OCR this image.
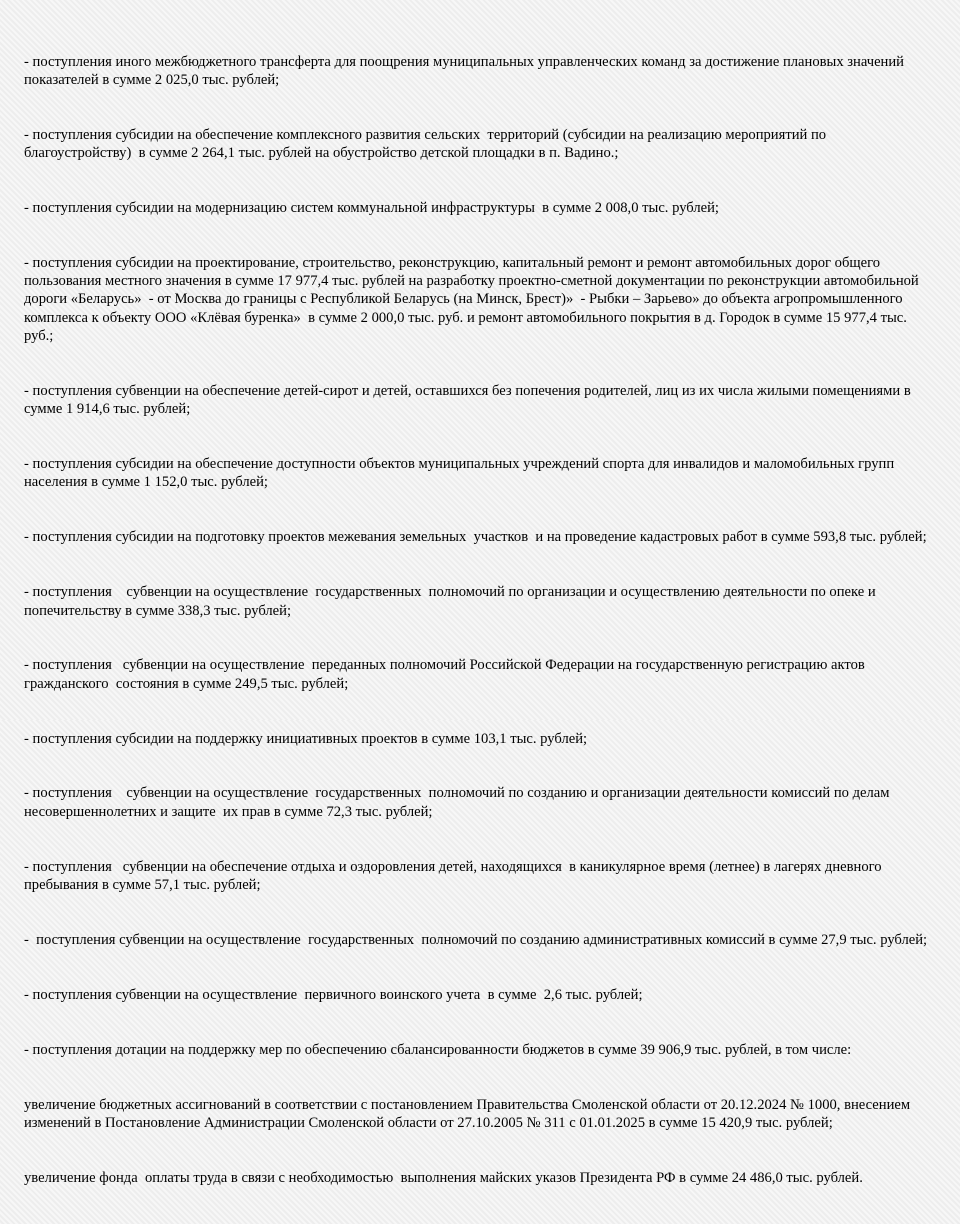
- поступления иного межбюджетного трансферта для поощрения муниципальных управленческих команд за достижение плановых значений показателей в сумме 2 025,0 тыс. рублей;

- поступления субсидии на обеспечение комплексного развития сельских  территорий (субсидии на реализацию мероприятий по благоустройству)  в сумме 2 264,1 тыс. рублей на обустройство детской площадки в п. Вадино.;

- поступления субсидии на модернизацию систем коммунальной инфраструктуры  в сумме 2 008,0 тыс. рублей;

- поступления субсидии на проектирование, строительство, реконструкцию, капитальный ремонт и ремонт автомобильных дорог общего пользования местного значения в сумме 17 977,4 тыс. рублей на разработку проектно-сметной документации по реконструкции автомобильной дороги «Беларусь»  - от Москва до границы с Республикой Беларусь (на Минск, Брест)»  - Рыбки – Зарьево» до объекта агропромышленного комплекса к объекту ООО «Клёвая буренка»  в сумме 2 000,0 тыс. руб. и ремонт автомобильного покрытия в д. Городок в сумме 15 977,4 тыс. руб.;

- поступления субвенции на обеспечение детей-сирот и детей, оставшихся без попечения родителей, лиц из их числа жилыми помещениями в сумме 1 914,6 тыс. рублей;

- поступления субсидии на обеспечение доступности объектов муниципальных учреждений спорта для инвалидов и маломобильных групп населения в сумме 1 152,0 тыс. рублей;

- поступления субсидии на подготовку проектов межевания земельных  участков  и на проведение кадастровых работ в сумме 593,8 тыс. рублей;

- поступления    субвенции на осуществление  государственных  полномочий по организации и осуществлению деятельности по опеке и попечительству в сумме 338,3 тыс. рублей;

- поступления   субвенции на осуществление  переданных полномочий Российской Федерации на государственную регистрацию актов гражданского  состояния в сумме 249,5 тыс. рублей;

- поступления субсидии на поддержку инициативных проектов в сумме 103,1 тыс. рублей;

- поступления    субвенции на осуществление  государственных  полномочий по созданию и организации деятельности комиссий по делам несовершеннолетних и защите  их прав в сумме 72,3 тыс. рублей;

- поступления   субвенции на обеспечение отдыха и оздоровления детей, находящихся  в каникулярное время (летнее) в лагерях дневного пребывания в сумме 57,1 тыс. рублей;

-  поступления субвенции на осуществление  государственных  полномочий по созданию административных комиссий в сумме 27,9 тыс. рублей;

- поступления субвенции на осуществление  первичного воинского учета  в сумме  2,6 тыс. рублей;

- поступления дотации на поддержку мер по обеспечению сбалансированности бюджетов в сумме 39 906,9 тыс. рублей, в том числе:

увеличение бюджетных ассигнований в соответствии с постановлением Правительства Смоленской области от 20.12.2024 № 1000, внесением изменений в Постановление Администрации Смоленской области от 27.10.2005 № 311 с 01.01.2025 в сумме 15 420,9 тыс. рублей;

увеличение фонда  оплаты труда в связи с необходимостью  выполнения майских указов Президента РФ в сумме 24 486,0 тыс. рублей.
